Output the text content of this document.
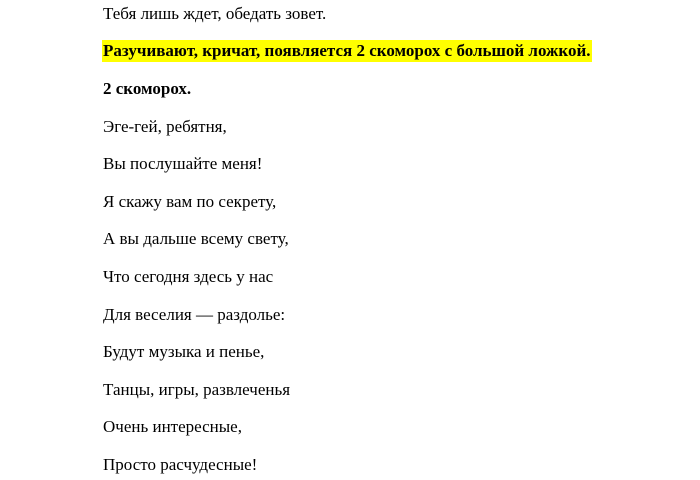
Тебя лишь ждет, обедать зовет.
Разучивают, кричат, появляется 2 скоморох с большой ложкой.
2 скоморох.
Эге-гей, ребятня,
Вы послушайте меня!
Я скажу вам по секрету,
А вы дальше всему свету,
Что сегодня здесь у нас
Для веселия — раздолье:
Будут музыка и пенье,
Танцы, игры, развлеченья
Очень интересные,
Просто расчудесные!
